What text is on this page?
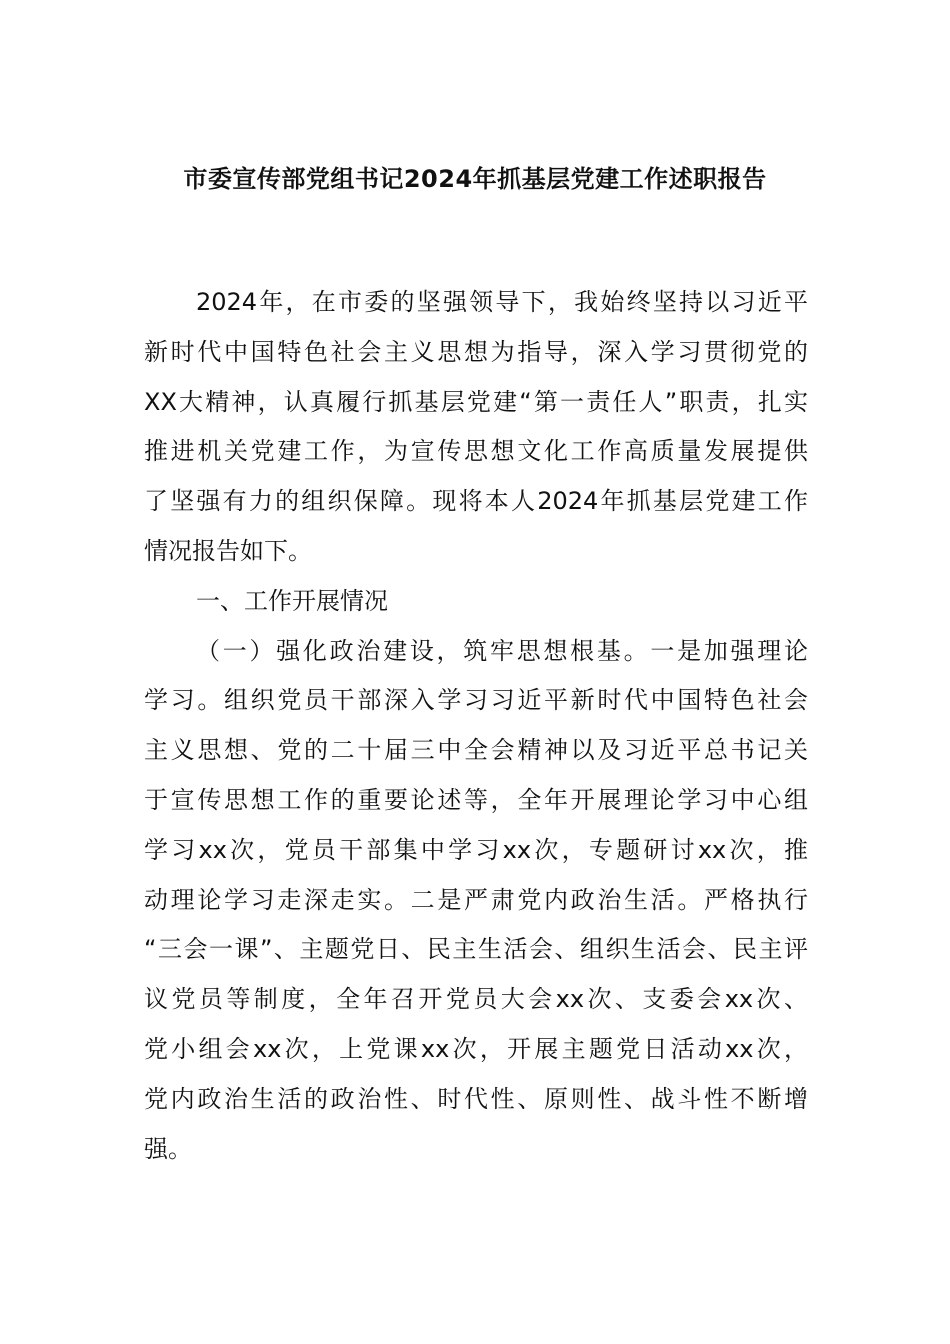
市委宣传部党组书记2024年抓基层党建工作述职报告
2024年，在市委的坚强领导下，我始终坚持以习近平
新时代中国特色社会主义思想为指导，深入学习贯彻党的
XX大精神，认真履行抓基层党建“第一责任人”职责，扎实
推进机关党建工作，为宣传思想文化工作高质量发展提供
了坚强有力的组织保障。现将本人2024年抓基层党建工作
情况报告如下。
一、工作开展情况
（一）强化政治建设，筑牢思想根基。一是加强理论
学习。组织党员干部深入学习习近平新时代中国特色社会
主义思想、党的二十届三中全会精神以及习近平总书记关
于宣传思想工作的重要论述等，全年开展理论学习中心组
学习xx次，党员干部集中学习xx次，专题研讨xx次，推
动理论学习走深走实。二是严肃党内政治生活。严格执行
“三会一课”、主题党日、民主生活会、组织生活会、民主评
议党员等制度，全年召开党员大会xx次、支委会xx次、
党小组会xx次，上党课xx次，开展主题党日活动xx次，
党内政治生活的政治性、时代性、原则性、战斗性不断增
强。
